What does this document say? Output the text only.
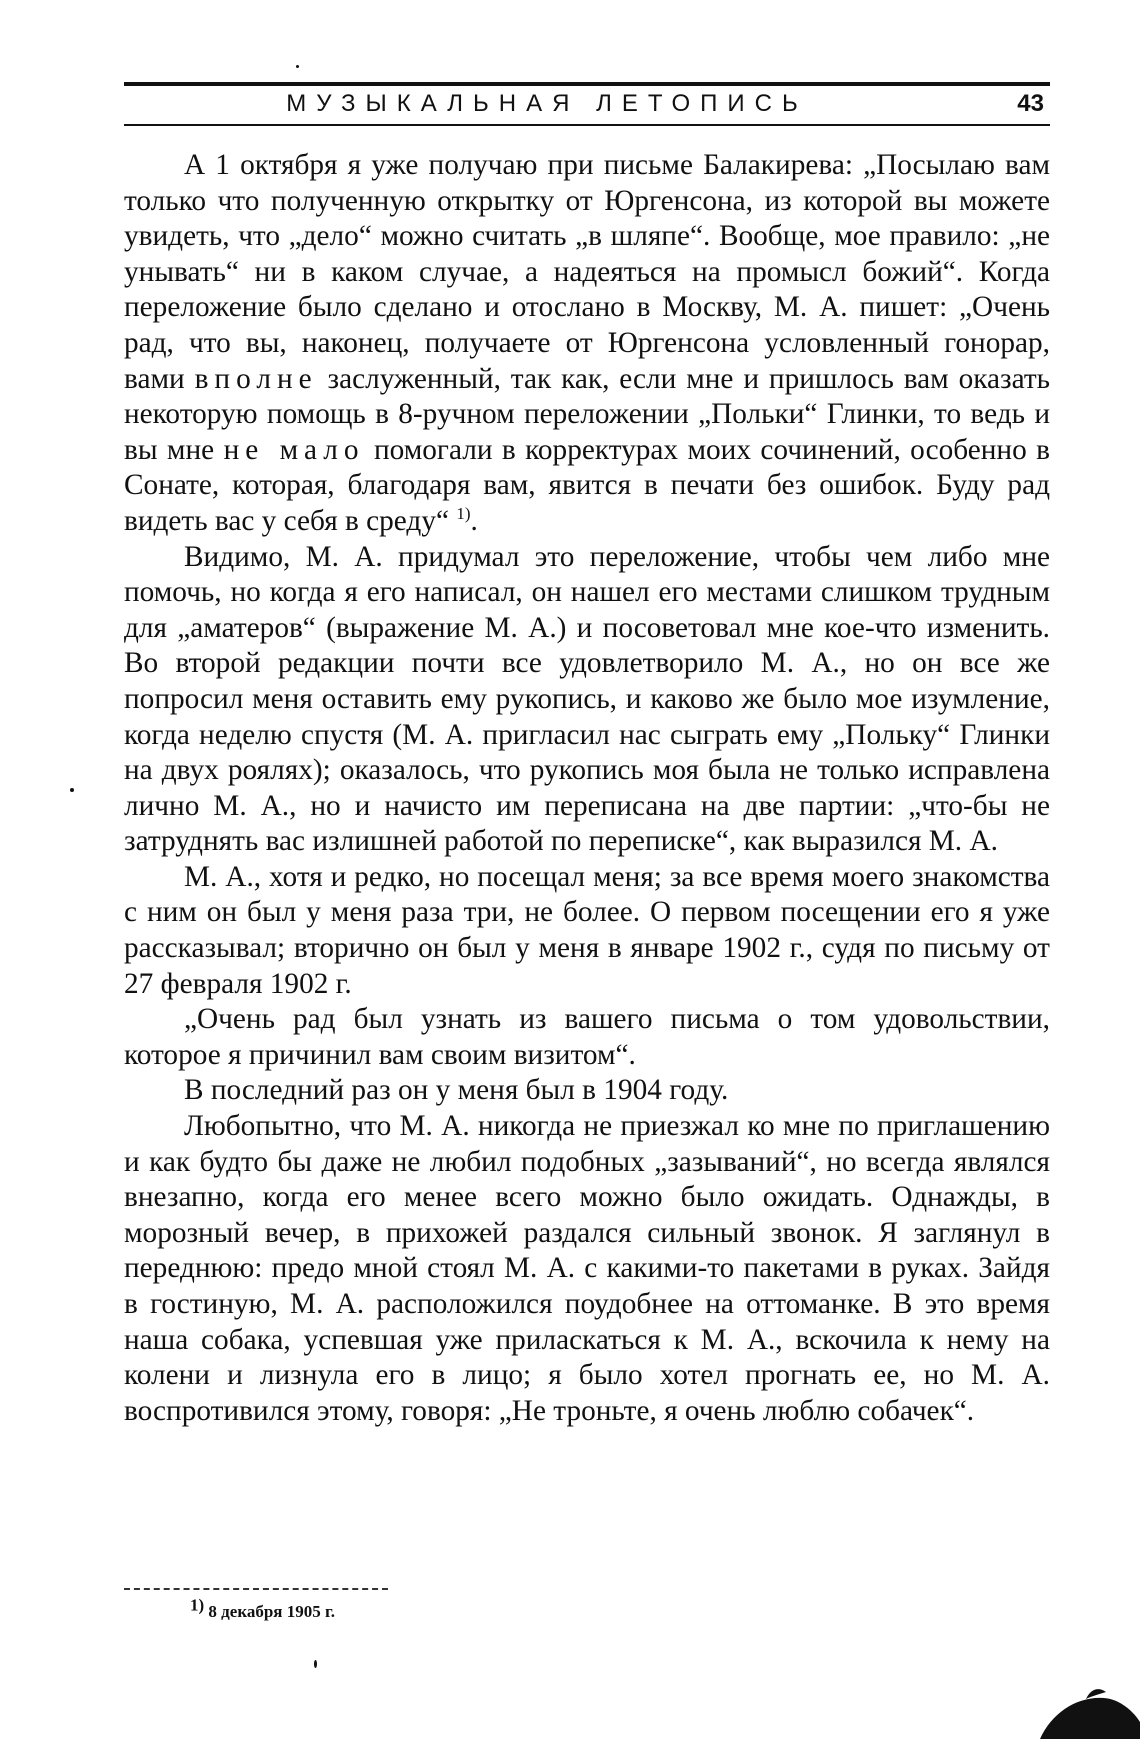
МУЗЫКАЛЬНАЯ ЛЕТОПИСЬ	43

А 1 октября я уже получаю при письме Балакирева: „Посылаю вам только что полученную открытку от Юргенсона, из которой вы можете увидеть, что „дело“ можно считать „в шляпе“. Вообще, мое правило: „не унывать“ ни в каком случае, а надеяться на промысл божий“. Когда переложение было сделано и отослано в Москву, М. А. пишет: „Очень рад, что вы, наконец, получаете от Юргенсона условленный гонорар, вами вполне заслуженный, так как, если мне и пришлось вам оказать некоторую помощь в 8-ручном переложении „Польки“ Глинки, то ведь и вы мне не мало помогали в корректурах моих сочинений, особенно в Сонате, которая, благодаря вам, явится в печати без ошибок. Буду рад видеть вас у себя в среду“ $^{1)}$.

Видимо, М. А. придумал это переложение, чтобы чем либо мне помочь, но когда я его написал, он нашел его местами слишком трудным для „аматеров“ (выражение М. А.) и посоветовал мне кое-что изменить. Во второй редакции почти все удовлетворило М. А., но он все же попросил меня оставить ему рукопись, и каково же было мое изумление, когда неделю спустя (М. А. пригласил нас сыграть ему „Польку“ Глинки на двух роялях); оказалось, что рукопись моя была не только исправлена лично М. А., но и начисто им переписана на две партии: „что-бы не затруднять вас излишней работой по переписке“, как выразился М. А.

М. А., хотя и редко, но посещал меня; за все время моего знакомства с ним он был у меня раза три, не более. О первом посещении его я уже рассказывал; вторично он был у меня в январе 1902 г., судя по письму от 27 февраля 1902 г.

„Очень рад был узнать из вашего письма о том удовольствии, которое я причинил вам своим визитом“.

В последний раз он у меня был в 1904 году.

Любопытно, что М. А. никогда не приезжал ко мне по приглашению и как будто бы даже не любил подобных „зазываний“, но всегда являлся внезапно, когда его менее всего можно было ожидать. Однажды, в морозный вечер, в прихожей раздался сильный звонок. Я заглянул в переднюю: предо мной стоял М. А. с какими-то пакетами в руках. Зайдя в гостиную, М. А. расположился поудобнее на оттоманке. В это время наша собака, успевшая уже приласкаться к М. А., вскочила к нему на колени и лизнула его в лицо; я было хотел прогнать ее, но М. А. воспротивился этому, говоря: „Не троньте, я очень люблю собачек“.

$^{1)}$ 8 декабря 1905 г.
